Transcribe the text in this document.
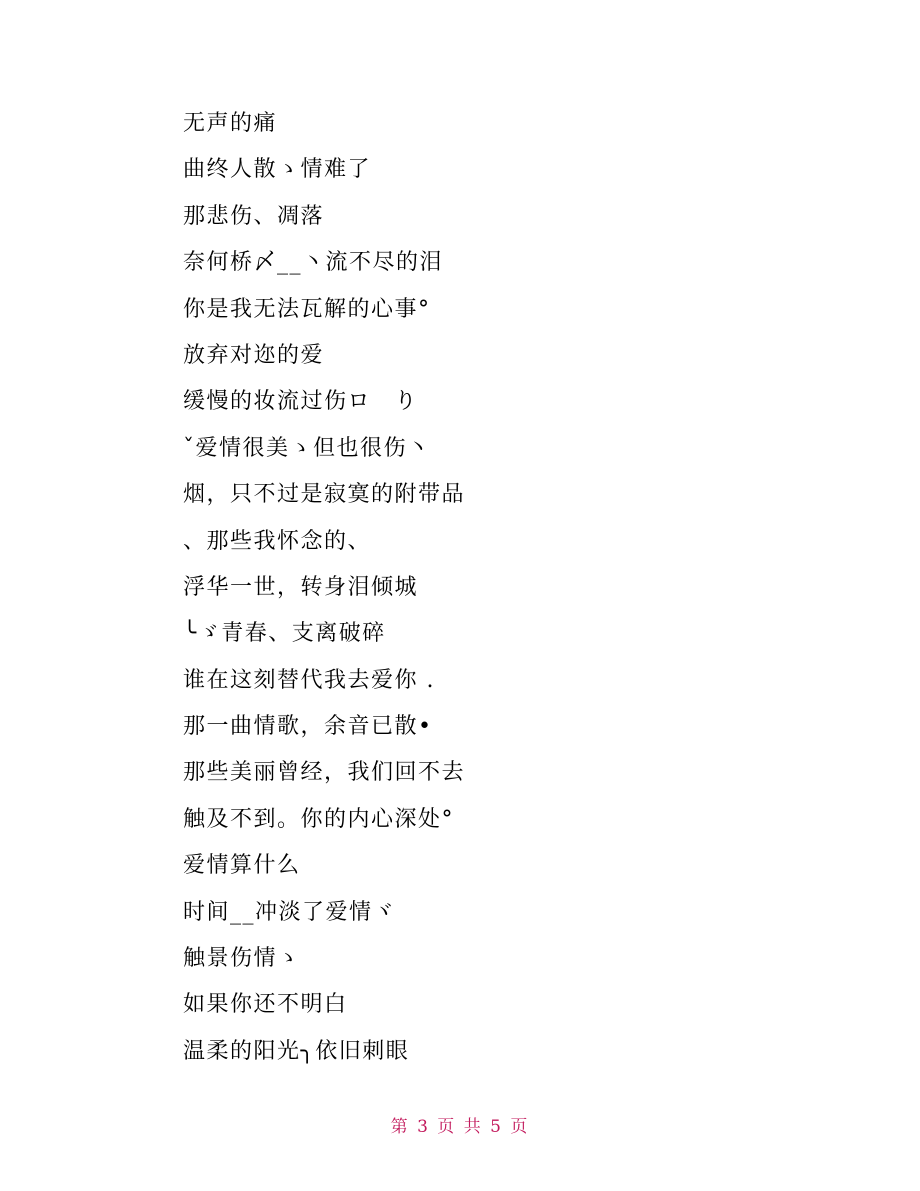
无声的痛
曲终人散ゝ情难了
那悲伤、凋落
奈何桥〆__丶流不尽的泪
你是我无法瓦解的心事°
放弃对迩的爱
缓慢的妆流过伤ロ　り
ˇ爱情很美ゝ但也很伤丶
烟，只不过是寂寞的附带品
、那些我怀念的、
浮华一世，转身泪倾城
╰ゞ青春、支离破碎
谁在这刻替代我去爱你 .
那一曲情歌，余音已散•
那些美丽曾经，我们回不去
触及不到。你的内心深处°
爱情算什么
时间__冲淡了爱情ヾ
触景伤情ゝ
如果你还不明白
温柔的阳光╮依旧刺眼
第 3 页 共 5 页
